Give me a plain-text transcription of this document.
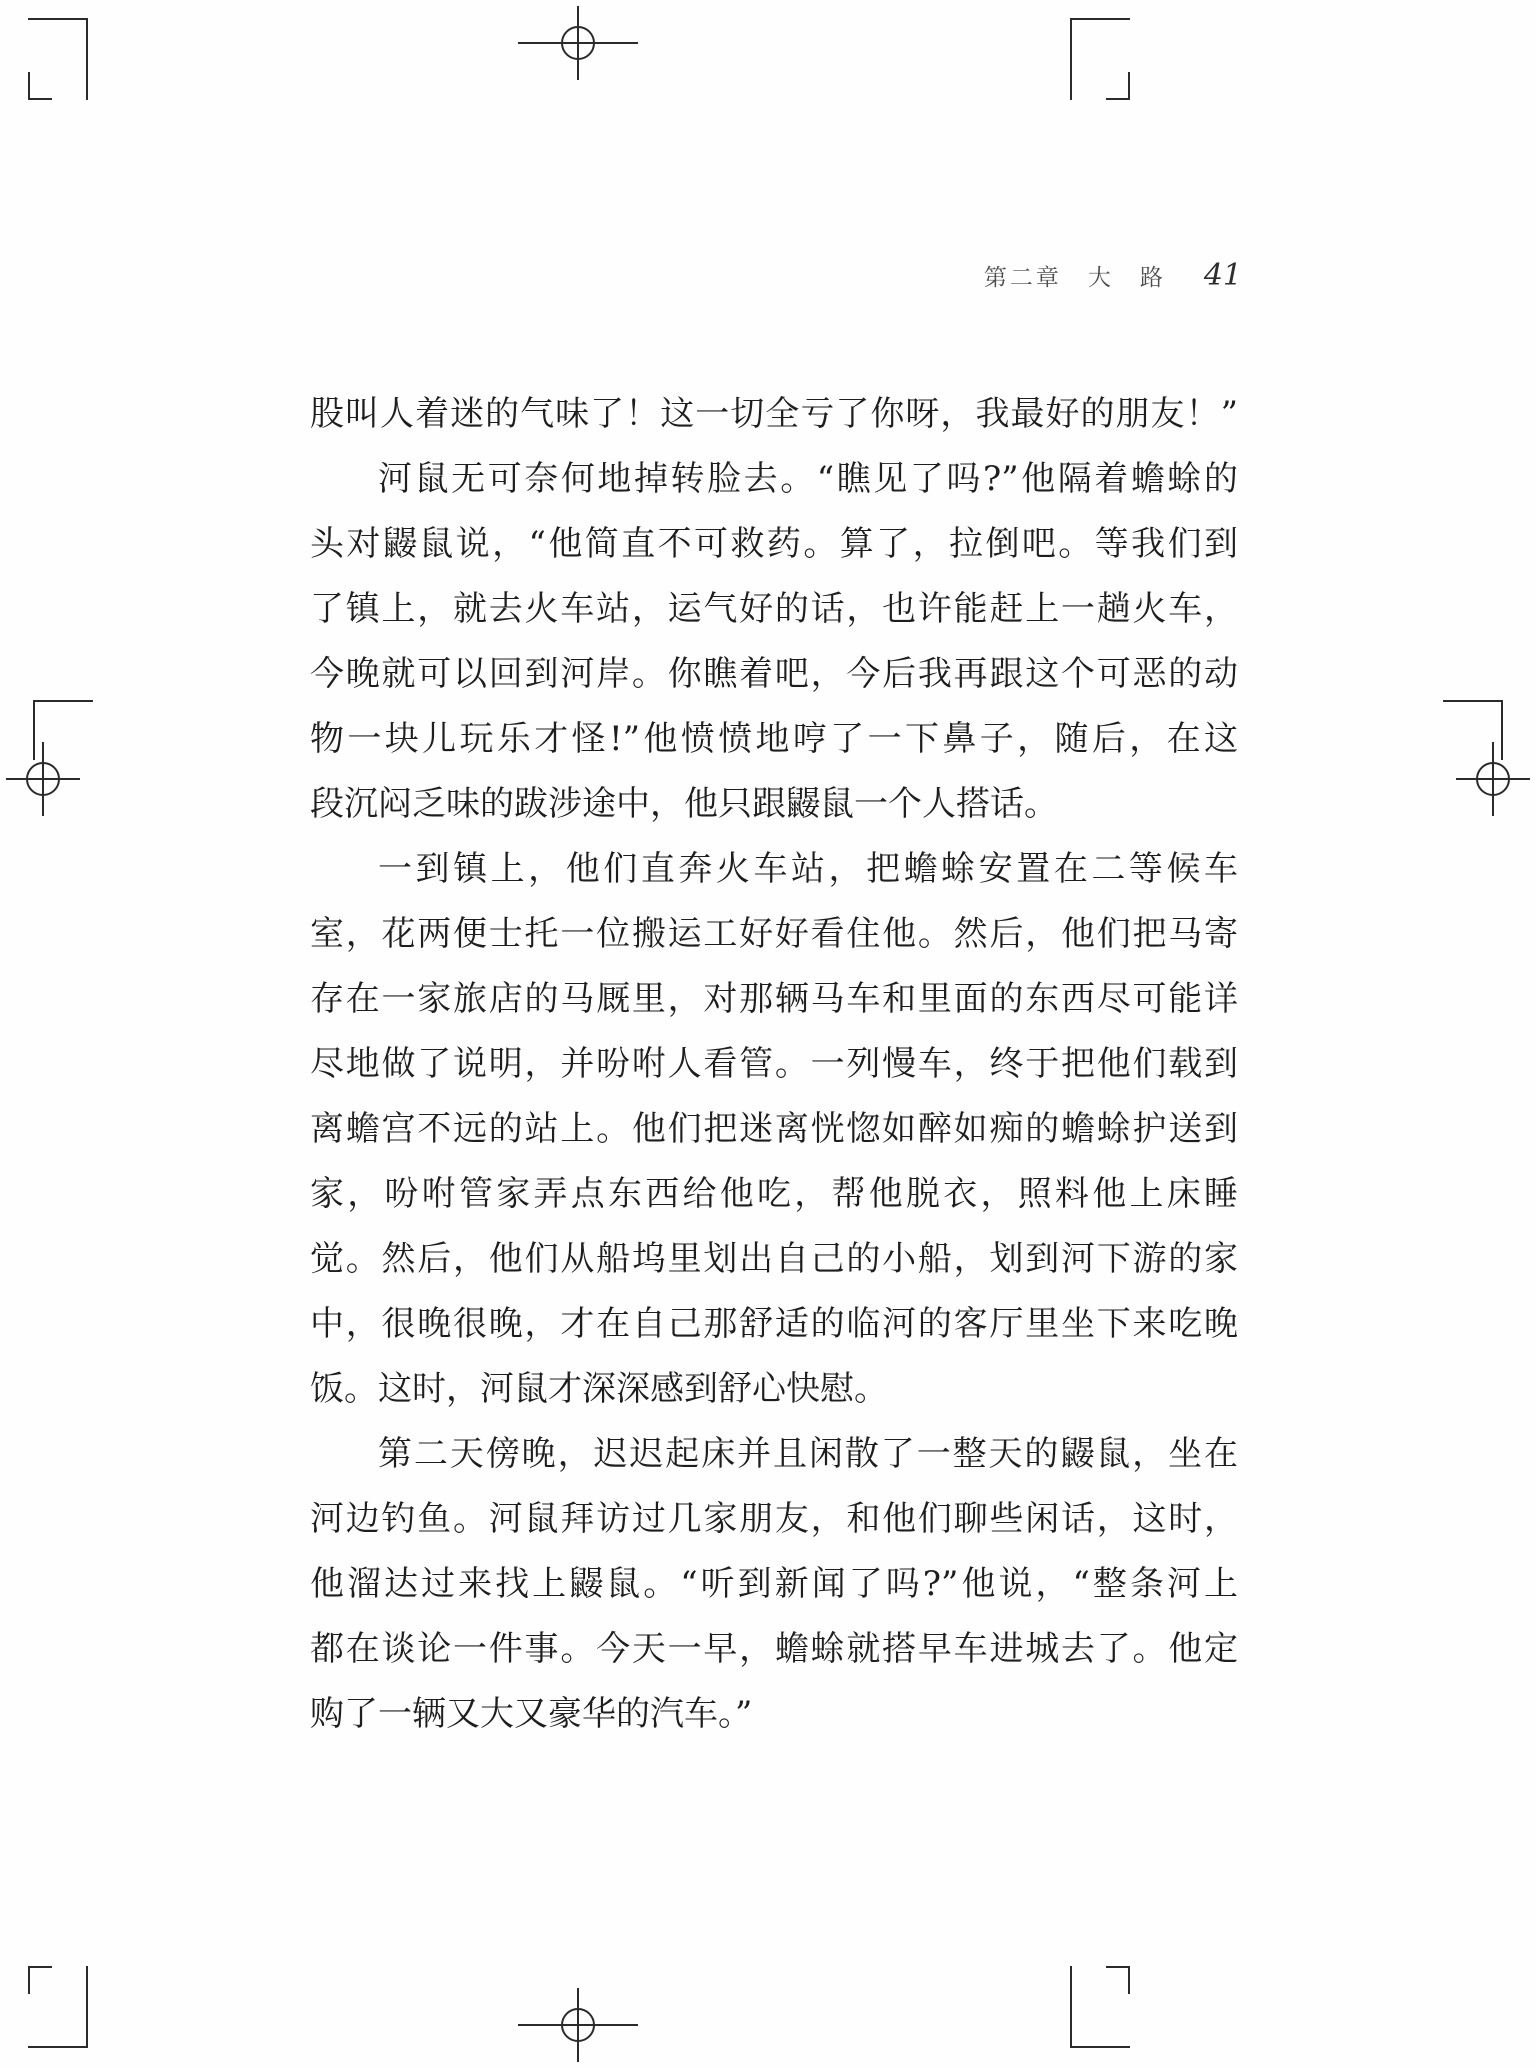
第二章　大　路 41
股叫人着迷的气味了！这一切全亏了你呀，我最好的朋友！”
河鼠无可奈何地掉转脸去。“瞧见了吗?”他隔着蟾蜍的
头对鼹鼠说，“他简直不可救药。算了，拉倒吧。等我们到
了镇上，就去火车站，运气好的话，也许能赶上一趟火车，
今晚就可以回到河岸。你瞧着吧，今后我再跟这个可恶的动
物一块儿玩乐才怪!”他愤愤地哼了一下鼻子，随后，在这
段沉闷乏味的跋涉途中，他只跟鼹鼠一个人搭话。
一到镇上，他们直奔火车站，把蟾蜍安置在二等候车
室，花两便士托一位搬运工好好看住他。然后，他们把马寄
存在一家旅店的马厩里，对那辆马车和里面的东西尽可能详
尽地做了说明，并吩咐人看管。一列慢车，终于把他们载到
离蟾宫不远的站上。他们把迷离恍惚如醉如痴的蟾蜍护送到
家，吩咐管家弄点东西给他吃，帮他脱衣，照料他上床睡
觉。然后，他们从船坞里划出自己的小船，划到河下游的家
中，很晚很晚，才在自己那舒适的临河的客厅里坐下来吃晚
饭。这时，河鼠才深深感到舒心快慰。
第二天傍晚，迟迟起床并且闲散了一整天的鼹鼠，坐在
河边钓鱼。河鼠拜访过几家朋友，和他们聊些闲话，这时，
他溜达过来找上鼹鼠。“听到新闻了吗?”他说，“整条河上
都在谈论一件事。今天一早，蟾蜍就搭早车进城去了。他定
购了一辆又大又豪华的汽车。”
